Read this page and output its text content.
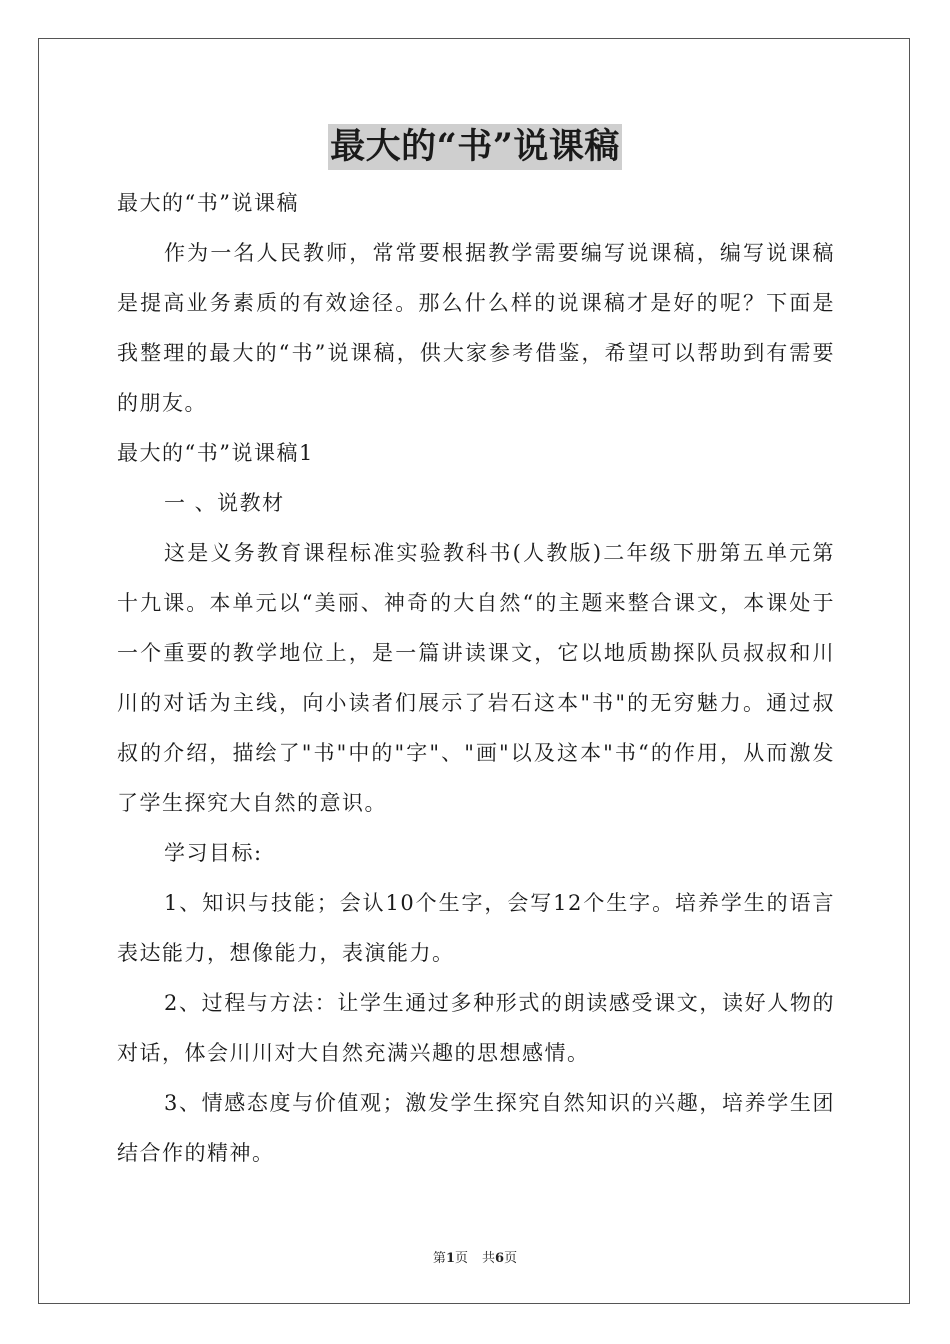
最大的“书”说课稿

最大的“书”说课稿

作为一名人民教师，常常要根据教学需要编写说课稿，编写说课稿是提高业务素质的有效途径。那么什么样的说课稿才是好的呢？下面是我整理的最大的“书”说课稿，供大家参考借鉴，希望可以帮助到有需要的朋友。

最大的“书”说课稿1

一 、说教材

这是义务教育课程标准实验教科书(人教版)二年级下册第五单元第十九课。本单元以“美丽、神奇的大自然“的主题来整合课文，本课处于一个重要的教学地位上，是一篇讲读课文，它以地质勘探队员叔叔和川川的对话为主线，向小读者们展示了岩石这本"书"的无穷魅力。通过叔叔的介绍，描绘了"书"中的"字"、"画"以及这本"书“的作用，从而激发了学生探究大自然的意识。

学习目标:

1、知识与技能；会认10个生字，会写12个生字。培养学生的语言表达能力，想像能力，表演能力。

2、过程与方法：让学生通过多种形式的朗读感受课文，读好人物的对话，体会川川对大自然充满兴趣的思想感情。

3、情感态度与价值观；激发学生探究自然知识的兴趣，培养学生团结合作的精神。

第1页 共6页
